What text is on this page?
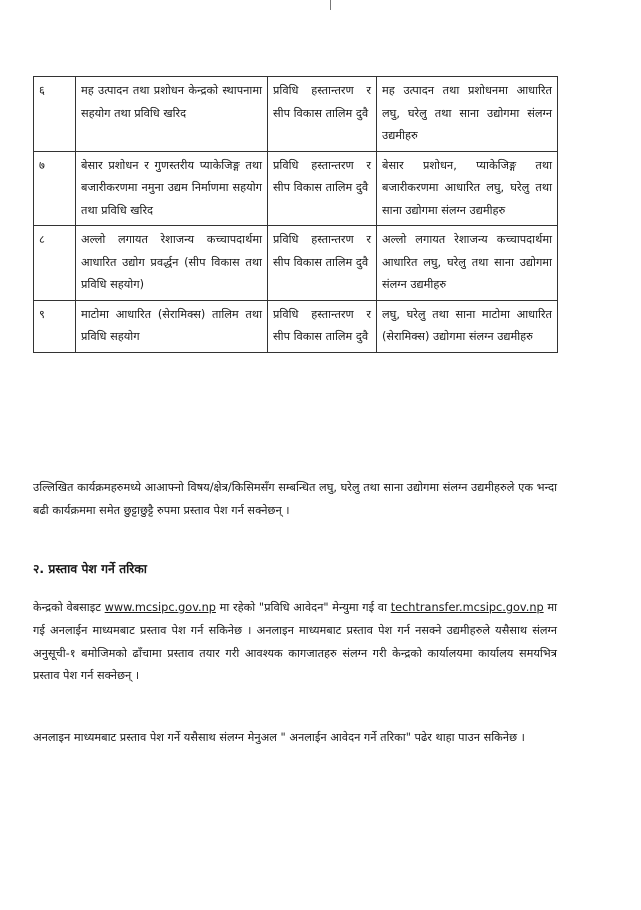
६	मह उत्पादन तथा प्रशोधन केन्द्रको स्थापनामा सहयोग तथा प्रविधि खरिद	प्रविधि हस्तान्तरण र सीप विकास तालिम दुवै	मह उत्पादन तथा प्रशोधनमा आधारित लघु, घरेलु तथा साना उद्योगमा संलग्न उद्यमीहरु
७	बेसार प्रशोधन र गुणस्तरीय प्याकेजिङ्ग तथा बजारीकरणमा नमुना उद्यम निर्माणमा सहयोग तथा प्रविधि खरिद	प्रविधि हस्तान्तरण र सीप विकास तालिम दुवै	बेसार प्रशोधन, प्याकेजिङ्ग तथा बजारीकरणमा आधारित लघु, घरेलु तथा साना उद्योगमा संलग्न उद्यमीहरु
८	अल्लो लगायत रेशाजन्य कच्चापदार्थमा आधारित उद्योग प्रवर्द्धन (सीप विकास तथा प्रविधि सहयोग)	प्रविधि हस्तान्तरण र सीप विकास तालिम दुवै	अल्लो लगायत रेशाजन्य कच्चापदार्थमा आधारित लघु, घरेलु तथा साना उद्योगमा संलग्न उद्यमीहरु
९	माटोमा आधारित (सेरामिक्स) तालिम तथा प्रविधि सहयोग	प्रविधि हस्तान्तरण र सीप विकास तालिम दुवै	लघु, घरेलु तथा साना माटोमा आधारित (सेरामिक्स) उद्योगमा संलग्न उद्यमीहरु

उल्लिखित कार्यक्रमहरुमध्ये आआफ्नो विषय/क्षेत्र/किसिमसँग सम्बन्धित लघु, घरेलु तथा साना उद्योगमा संलग्न उद्यमीहरुले एक भन्दा बढी कार्यक्रममा समेत छुट्टाछुट्टै रुपमा प्रस्ताव पेश गर्न सक्नेछन् ।

२. प्रस्ताव पेश गर्ने तरिका

केन्द्रको वेबसाइट www.mcsipc.gov.np मा रहेको "प्रविधि आवेदन" मेन्युमा गई वा techtransfer.mcsipc.gov.np मा गई अनलाईन माध्यमबाट प्रस्ताव पेश गर्न सकिनेछ । अनलाइन माध्यमबाट प्रस्ताव पेश गर्न नसक्ने उद्यमीहरुले यसैसाथ संलग्न अनुसूची-१ बमोजिमको ढाँचामा प्रस्ताव तयार गरी आवश्यक कागजातहरु संलग्न गरी केन्द्रको कार्यालयमा कार्यालय समयभित्र प्रस्ताव पेश गर्न सक्नेछन् ।

अनलाइन माध्यमबाट प्रस्ताव पेश गर्ने यसैसाथ संलग्न मेनुअल " अनलाईन आवेदन गर्ने तरिका" पढेर थाहा पाउन सकिनेछ ।
